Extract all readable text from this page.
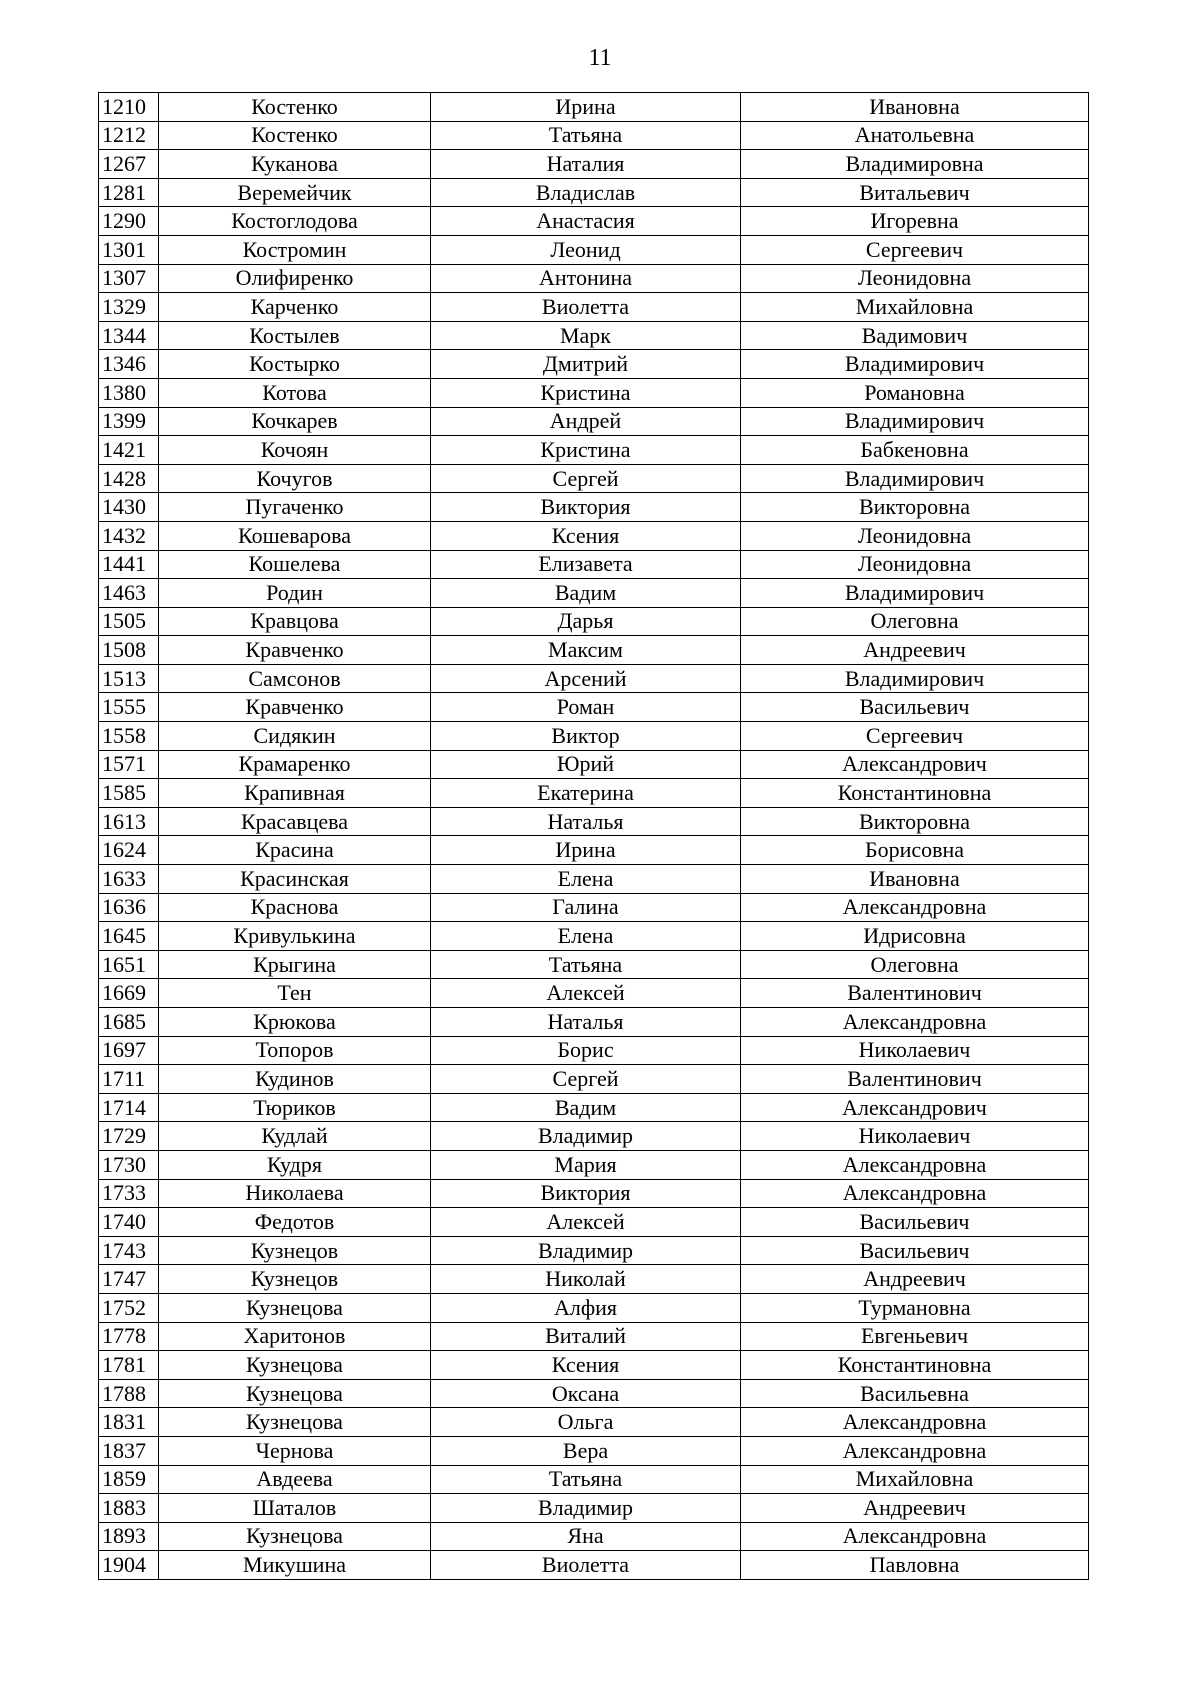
11
1210	Костенко	Ирина	Ивановна
1212	Костенко	Татьяна	Анатольевна
1267	Куканова	Наталия	Владимировна
1281	Веремейчик	Владислав	Витальевич
1290	Костоглодова	Анастасия	Игоревна
1301	Костромин	Леонид	Сергеевич
1307	Олифиренко	Антонина	Леонидовна
1329	Карченко	Виолетта	Михайловна
1344	Костылев	Марк	Вадимович
1346	Костырко	Дмитрий	Владимирович
1380	Котова	Кристина	Романовна
1399	Кочкарев	Андрей	Владимирович
1421	Кочоян	Кристина	Бабкеновна
1428	Кочугов	Сергей	Владимирович
1430	Пугаченко	Виктория	Викторовна
1432	Кошеварова	Ксения	Леонидовна
1441	Кошелева	Елизавета	Леонидовна
1463	Родин	Вадим	Владимирович
1505	Кравцова	Дарья	Олеговна
1508	Кравченко	Максим	Андреевич
1513	Самсонов	Арсений	Владимирович
1555	Кравченко	Роман	Васильевич
1558	Сидякин	Виктор	Сергеевич
1571	Крамаренко	Юрий	Александрович
1585	Крапивная	Екатерина	Константиновна
1613	Красавцева	Наталья	Викторовна
1624	Красина	Ирина	Борисовна
1633	Красинская	Елена	Ивановна
1636	Краснова	Галина	Александровна
1645	Кривулькина	Елена	Идрисовна
1651	Крыгина	Татьяна	Олеговна
1669	Тен	Алексей	Валентинович
1685	Крюкова	Наталья	Александровна
1697	Топоров	Борис	Николаевич
1711	Кудинов	Сергей	Валентинович
1714	Тюриков	Вадим	Александрович
1729	Кудлай	Владимир	Николаевич
1730	Кудря	Мария	Александровна
1733	Николаева	Виктория	Александровна
1740	Федотов	Алексей	Васильевич
1743	Кузнецов	Владимир	Васильевич
1747	Кузнецов	Николай	Андреевич
1752	Кузнецова	Алфия	Турмановна
1778	Харитонов	Виталий	Евгеньевич
1781	Кузнецова	Ксения	Константиновна
1788	Кузнецова	Оксана	Васильевна
1831	Кузнецова	Ольга	Александровна
1837	Чернова	Вера	Александровна
1859	Авдеева	Татьяна	Михайловна
1883	Шаталов	Владимир	Андреевич
1893	Кузнецова	Яна	Александровна
1904	Микушина	Виолетта	Павловна
